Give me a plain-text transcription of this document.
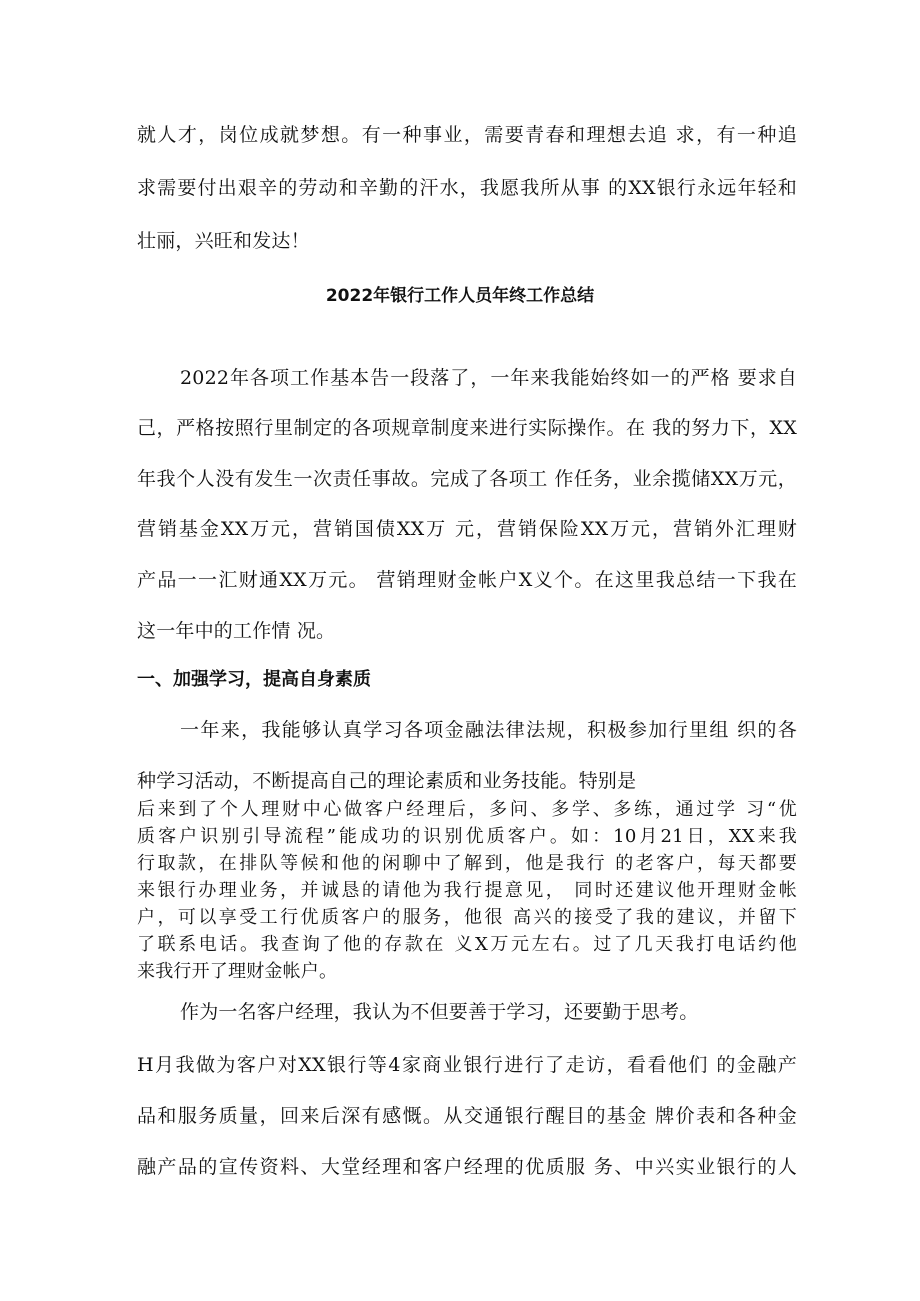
就人才，岗位成就梦想。有一种事业，需要青春和理想去追 求，有一种追
求需要付出艰辛的劳动和辛勤的汗水，我愿我所从事 的XX银行永远年轻和
壮丽，兴旺和发达！
2022年银行工作人员年终工作总结
2022年各项工作基本告一段落了，一年来我能始终如一的严格 要求自
己，严格按照行里制定的各项规章制度来进行实际操作。在 我的努力下，XX
年我个人没有发生一次责任事故。完成了各项工 作任务，业余揽储XX万元，
营销基金XX万元，营销国债XX万 元，营销保险XX万元，营销外汇理财
产品一一汇财通XX万元。 营销理财金帐户X义个。在这里我总结一下我在
这一年中的工作情 况。
一、加强学习，提高自身素质
一年来，我能够认真学习各项金融法律法规，积极参加行里组 织的各
种学习活动，不断提高自己的理论素质和业务技能。特别是
后来到了个人理财中心做客户经理后，多问、多学、多练，通过学 习“优
质客户识别引导流程”能成功的识别优质客户。如：10月21日，XX来我
行取款，在排队等候和他的闲聊中了解到，他是我行 的老客户，每天都要
来银行办理业务，并诚恳的请他为我行提意见， 同时还建议他开理财金帐
户，可以享受工行优质客户的服务，他很 高兴的接受了我的建议，并留下
了联系电话。我查询了他的存款在 义X万元左右。过了几天我打电话约他
来我行开了理财金帐户。
作为一名客户经理，我认为不但要善于学习，还要勤于思考。
H月我做为客户对XX银行等4家商业银行进行了走访，看看他们 的金融产
品和服务质量，回来后深有感慨。从交通银行醒目的基金 牌价表和各种金
融产品的宣传资料、大堂经理和客户经理的优质服 务、中兴实业银行的人
